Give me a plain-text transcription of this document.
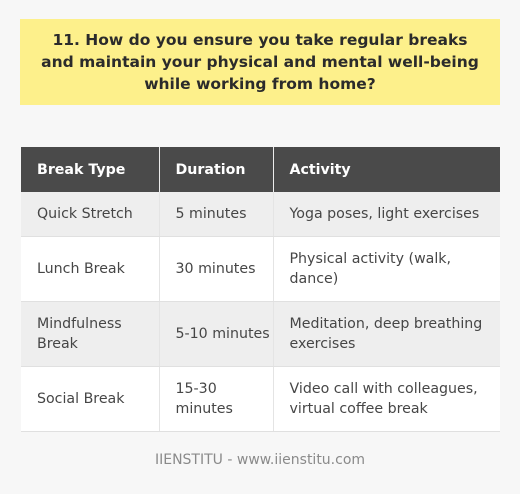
11. How do you ensure you take regular breaks and maintain your physical and mental well-being while working from home?
Break Type	Duration	Activity
Quick Stretch	5 minutes	Yoga poses, light exercises
Lunch Break	30 minutes	Physical activity (walk, dance)
Mindfulness Break	5-10 minutes	Meditation, deep breathing exercises
Social Break	15-30 minutes	Video call with colleagues, virtual coffee break
IIENSTITU - www.iienstitu.com
